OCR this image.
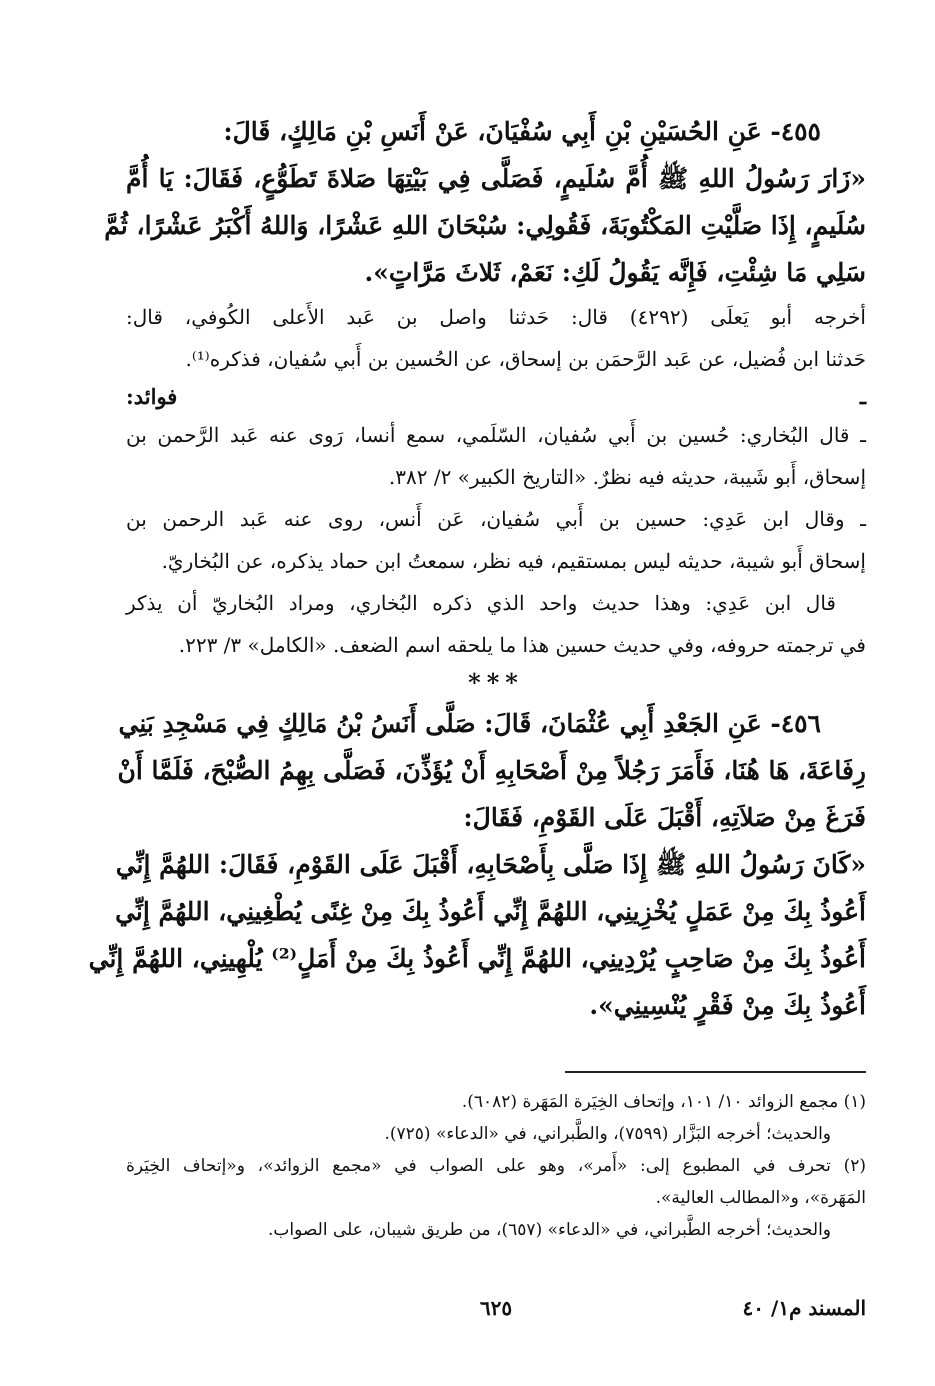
٤٥٥- عَنِ الحُسَيْنِ بْنِ أَبِي سُفْيَانَ، عَنْ أَنَسِ بْنِ مَالِكٍ، قَالَ:
«زَارَ رَسُولُ اللهِ ﷺ أُمَّ سُلَيمٍ، فَصَلَّى فِي بَيْتِهَا صَلاةَ تَطَوُّعٍ، فَقَالَ: يَا أُمَّ
سُلَيمٍ، إِذَا صَلَّيْتِ المَكْتُوبَةَ، فَقُولِي: سُبْحَانَ اللهِ عَشْرًا، وَاللهُ أَكْبَرُ عَشْرًا، ثُمَّ
سَلِي مَا شِئْتِ، فَإِنَّه يَقُولُ لَكِ: نَعَمْ، ثَلاثَ مَرَّاتٍ».
أخرجه أبو يَعلَى (٤٢٩٢) قال: حَدثنا واصل بن عَبد الأَعلى الكُوفي، قال:
حَدثنا ابن فُضيل، عن عَبد الرَّحمَن بن إسحاق، عن الحُسين بن أَبي سُفيان، فذكره⁽¹⁾.
ـ فوائد:
ـ قال البُخاري: حُسين بن أَبي سُفيان، السّلَمي، سمع أنسا، رَوى عنه عَبد الرَّحمن بن
إسحاق، أَبو شَيبة، حديثه فيه نظرٌ. «التاريخ الكبير» ٢/ ٣٨٢.
ـ وقال ابن عَدِي: حسين بن أَبي سُفيان، عَن أَنس، روى عنه عَبد الرحمن بن
إسحاق أَبو شيبة، حديثه ليس بمستقيم، فيه نظر، سمعتُ ابن حماد يذكره، عن البُخاريّ.
قال ابن عَدِي: وهذا حديث واحد الذي ذكره البُخاري، ومراد البُخاريّ أن يذكر
في ترجمته حروفه، وفي حديث حسين هذا ما يلحقه اسم الضعف. «الكامل» ٣/ ٢٢٣.
***
٤٥٦- عَنِ الجَعْدِ أَبِي عُثْمَانَ، قَالَ: صَلَّى أَنَسُ بْنُ مَالِكٍ فِي مَسْجِدِ بَنِي
رِفَاعَةَ، هَا هُنَا، فَأَمَرَ رَجُلاً مِنْ أَصْحَابِهِ أَنْ يُؤَذِّنَ، فَصَلَّى بِهِمُ الصُّبْحَ، فَلَمَّا أَنْ
فَرَغَ مِنْ صَلاَتِهِ، أَقْبَلَ عَلَى القَوْمِ، فَقَالَ:
«كَانَ رَسُولُ اللهِ ﷺ إِذَا صَلَّى بِأَصْحَابِهِ، أَقْبَلَ عَلَى القَوْمِ، فَقَالَ: اللهُمَّ إِنِّي
أَعُوذُ بِكَ مِنْ عَمَلٍ يُخْزِينِي، اللهُمَّ إِنِّي أَعُوذُ بِكَ مِنْ غِنًى يُطْغِينِي، اللهُمَّ إِنِّي
أَعُوذُ بِكَ مِنْ صَاحِبٍ يُرْدِينِي، اللهُمَّ إِنِّي أَعُوذُ بِكَ مِنْ أَمَلٍ⁽²⁾ يُلْهِينِي، اللهُمَّ إِنِّي
أَعُوذُ بِكَ مِنْ فَقْرٍ يُنْسِينِي».
(١) مجمع الزوائد ١٠/ ١٠١، وإتحاف الخِيَرة المَهَرة (٦٠٨٢).
والحديث؛ أخرجه البَزَّار (٧٥٩٩)، والطَّبراني، في «الدعاء» (٧٢٥).
(٢) تحرف في المطبوع إلى: «أَمر»، وهو على الصواب في «مجمع الزوائد»، و«إتحاف الخِيَرة
المَهَرة»، و«المطالب العالية».
والحديث؛ أخرجه الطَّبراني، في «الدعاء» (٦٥٧)، من طريق شيبان، على الصواب.
المسند م١/ ٤٠
٦٢٥
